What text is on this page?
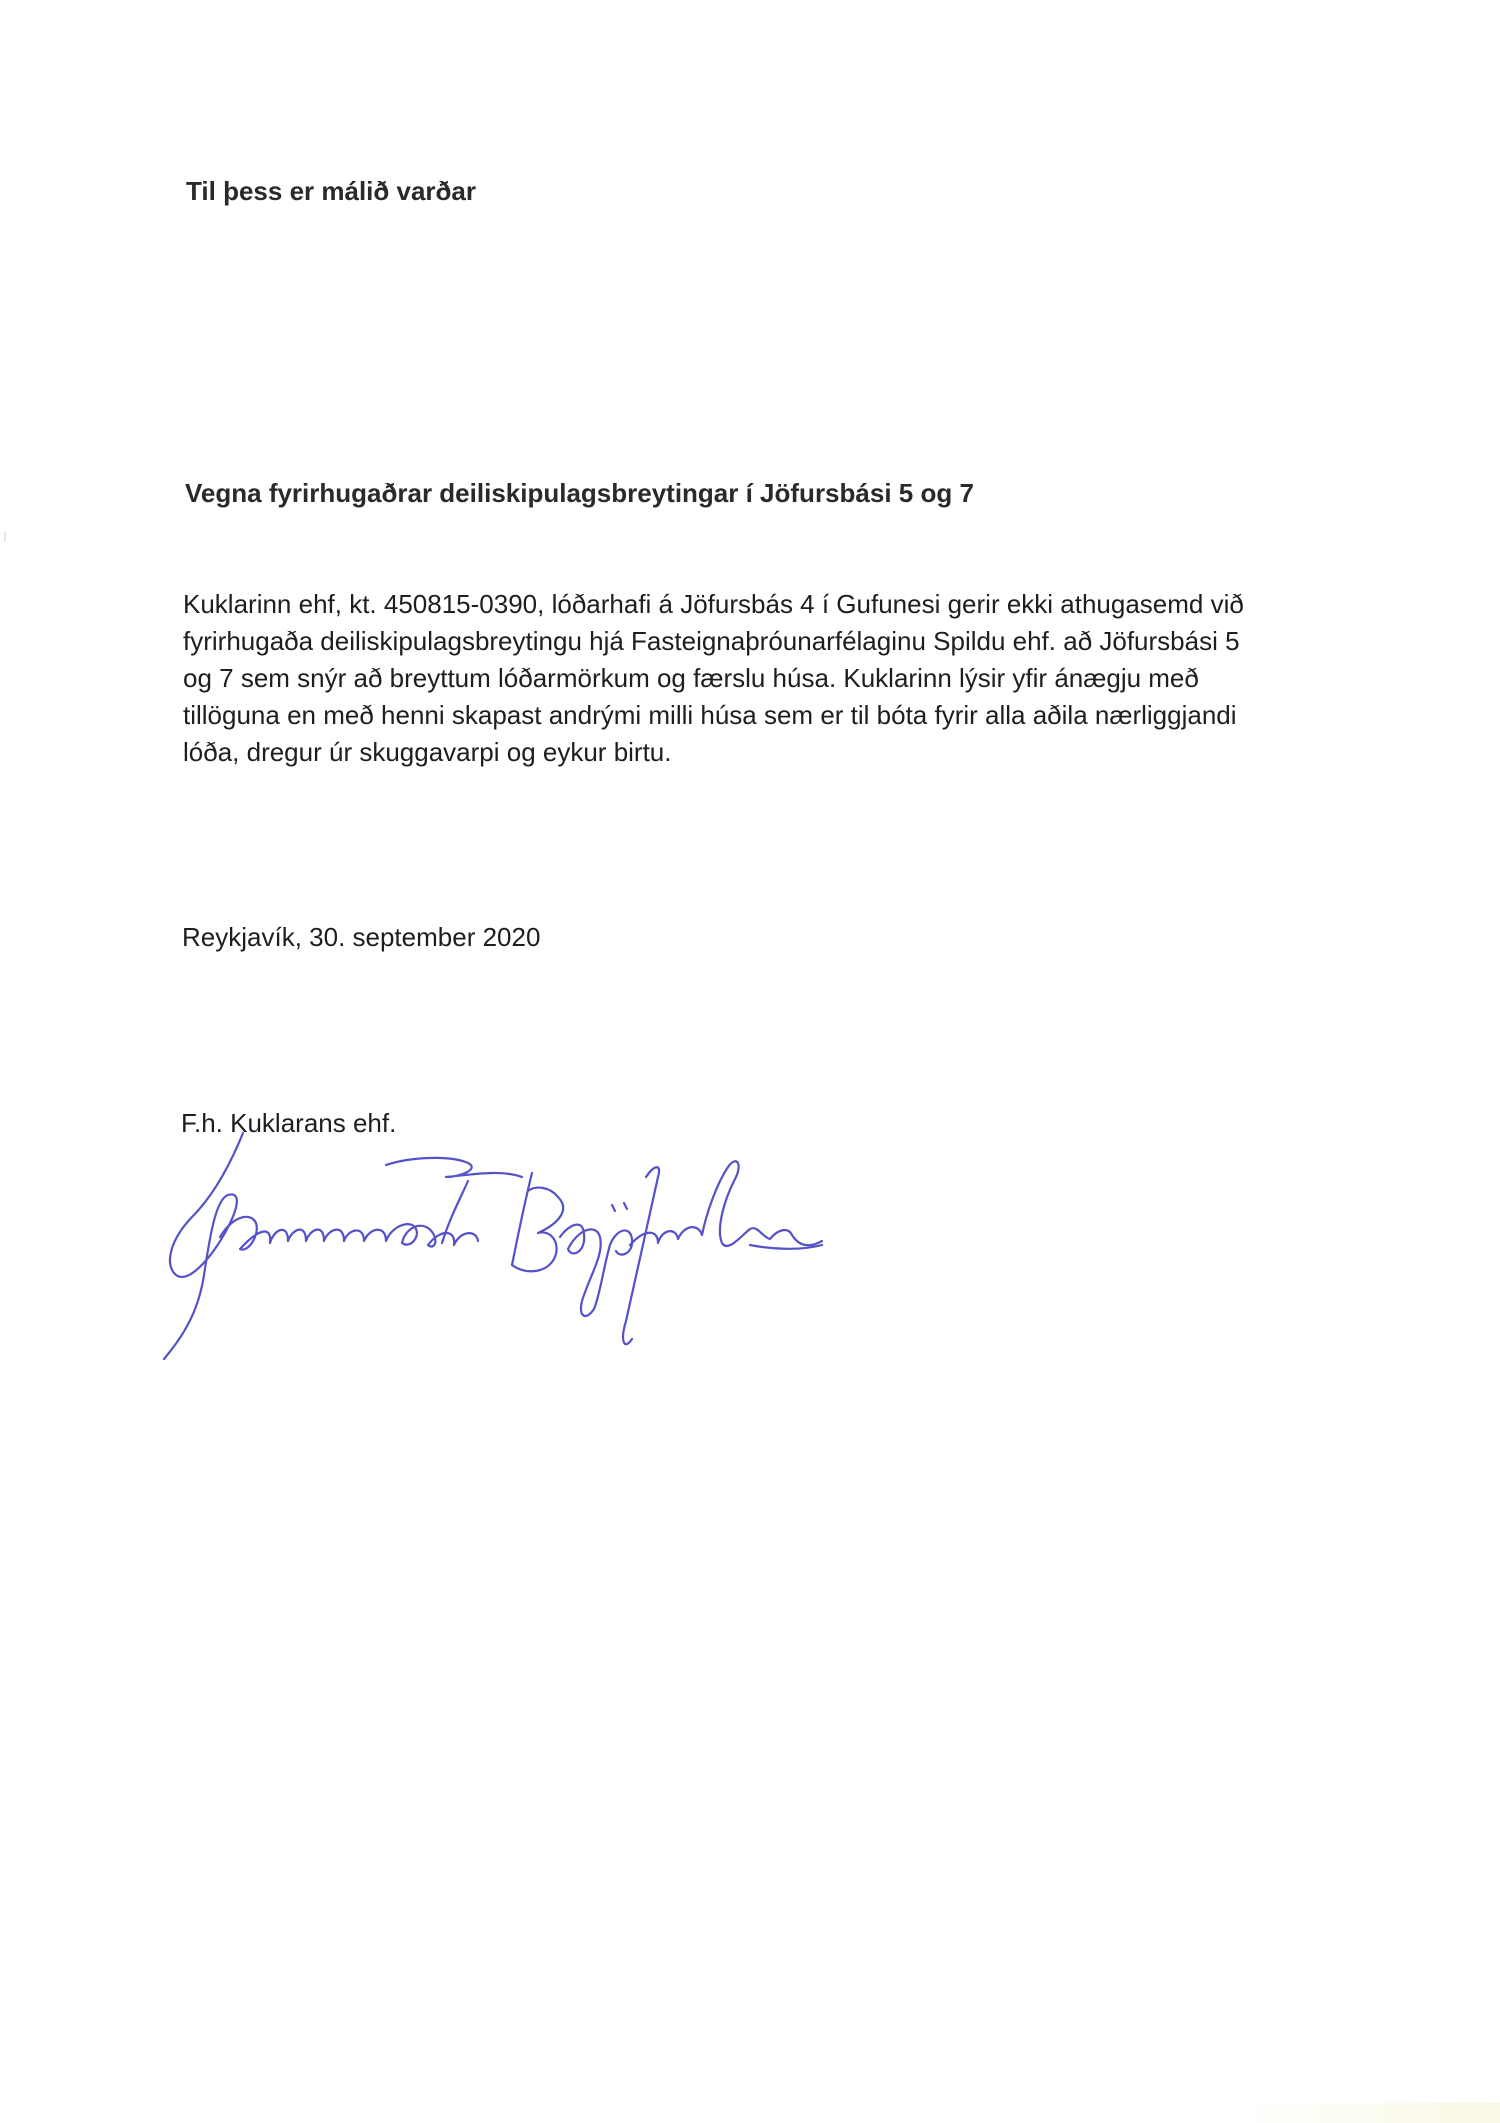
Til þess er málið varðar
Vegna fyrirhugaðrar deiliskipulagsbreytingar í Jöfursbási 5 og 7
Kuklarinn ehf, kt. 450815-0390, lóðarhafi á Jöfursbás 4 í Gufunesi gerir ekki athugasemd við
fyrirhugaða deiliskipulagsbreytingu hjá Fasteignaþróunarfélaginu Spildu ehf. að Jöfursbási 5
og 7 sem snýr að breyttum lóðarmörkum og færslu húsa. Kuklarinn lýsir yfir ánægju með
tillöguna en með henni skapast andrými milli húsa sem er til bóta fyrir alla aðila nærliggjandi
lóða, dregur úr skuggavarpi og eykur birtu.
Reykjavík, 30. september 2020
F.h. Kuklarans ehf.
